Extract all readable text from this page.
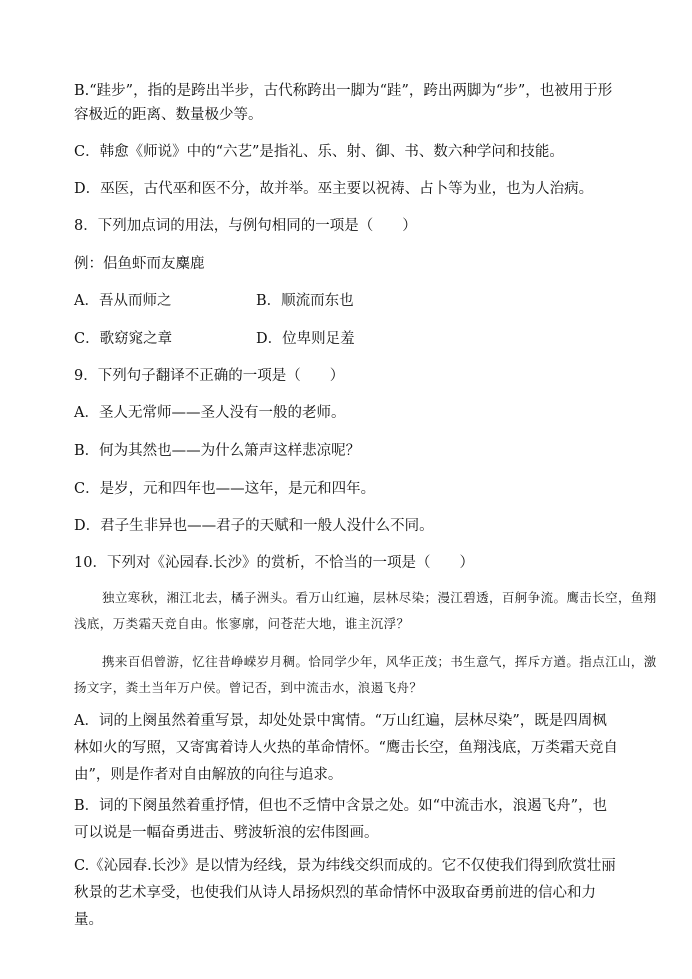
B.“跬步”，指的是跨出半步，古代称跨出一脚为“跬”，跨出两脚为“步”，也被用于形
容极近的距离、数量极少等。
C．韩愈《师说》中的“六艺”是指礼、乐、射、御、书、数六种学问和技能。
D．巫医，古代巫和医不分，故并举。巫主要以祝祷、占卜等为业，也为人治病。
8．下列加点词的用法，与例句相同的一项是（　　）
例：侣鱼虾而友麋鹿
A．吾从而师之	B．顺流而东也
C．歌窈窕之章	D．位卑则足羞
9．下列句子翻译不正确的一项是（　　）
A．圣人无常师——圣人没有一般的老师。
B．何为其然也——为什么箫声这样悲凉呢？
C．是岁，元和四年也——这年，是元和四年。
D．君子生非异也——君子的天赋和一般人没什么不同。
10．下列对《沁园春.长沙》的赏析，不恰当的一项是（　　）
独立寒秋，湘江北去，橘子洲头。看万山红遍，层林尽染；漫江碧透，百舸争流。鹰击长空，鱼翔浅底，万类霜天竞自由。怅寥廓，问苍茫大地，谁主沉浮？
携来百侣曾游，忆往昔峥嵘岁月稠。恰同学少年，风华正茂；书生意气，挥斥方遒。指点江山，激扬文字，粪土当年万户侯。曾记否，到中流击水，浪遏飞舟？
A．词的上阕虽然着重写景，却处处景中寓情。“万山红遍，层林尽染”，既是四周枫林如火的写照，又寄寓着诗人火热的革命情怀。“鹰击长空，鱼翔浅底，万类霜天竞自由”，则是作者对自由解放的向往与追求。
B．词的下阕虽然着重抒情，但也不乏情中含景之处。如“中流击水，浪遏飞舟”，也可以说是一幅奋勇进击、劈波斩浪的宏伟图画。
C.《沁园春.长沙》是以情为经线，景为纬线交织而成的。它不仅使我们得到欣赏壮丽秋景的艺术享受，也使我们从诗人昂扬炽烈的革命情怀中汲取奋勇前进的信心和力量。
